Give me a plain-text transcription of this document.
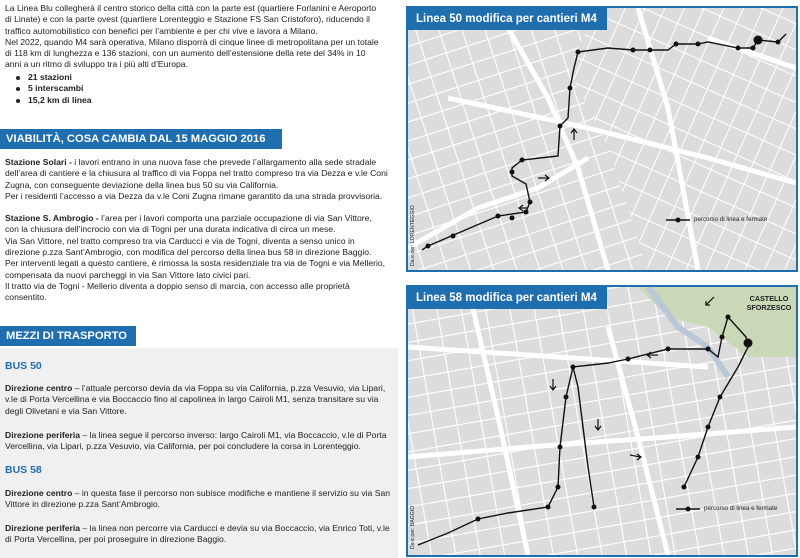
La Linea Blu collegherà il centro storico della città con la parte est (quartiere Forlanini e Aeroporto di Linate) e con la parte ovest (quartiere Lorenteggio e Stazione FS San Cristoforo), riducendo il traffico automobilistico con benefici per l’ambiente e per chi vive e lavora a Milano.

Nel 2022, quando M4 sarà operativa, Milano disporrà di cinque linee di metropolitana per un totale di 118 km di lunghezza e 136 stazioni, con un aumento dell’estensione della rete del 34% in 10 anni a un ritmo di sviluppo tra i più alti d’Europa.

21 stazioni
5 interscambi
15,2 km di linea
VIABILITÀ, COSA CAMBIA DAL 15 MAGGIO 2016

Stazione Solari - i lavori entrano in una nuova fase che prevede l’allargamento alla sede stradale dell’area di cantiere e la chiusura al traffico di via Foppa nel tratto compreso tra via Dezza e v.le Coni Zugna, con conseguente deviazione della linea bus 50 su via California.

Per i residenti l’accesso a via Dezza da v.le Coni Zugna rimane garantito da una strada provvisoria.

Stazione S. Ambrogio - l’area per i lavori comporta una parziale occupazione di via San Vittore, con la chiusura dell’incrocio con via di Togni per una durata indicativa di circa un mese.

Via San Vittore, nel tratto compreso tra via Carducci e via de Togni, diventa a senso unico in direzione p.zza Sant’Ambrogio, con modifica del percorso della linea bus 58 in direzione Baggio.

Per interventi legati a questo cantiere, è rimossa la sosta residenziale tra via de Togni e via Mellerio, compensata da nuovi parcheggi in via San Vittore lato civici pari.

Il tratto via de Togni - Mellerio diventa a doppio senso di marcia, con accesso alle proprietà consentito.

MEZZI DI TRASPORTO
BUS 50

Direzione centro – l’attuale percorso devia da via Foppa su via California, p.zza Vesuvio, via Lipari, v.le di Porta Vercellina e via Boccaccio fino al capolinea in largo Cairoli M1, senza transitare su via degli Olivetani e via San Vittore.

Direzione periferia – la linea segue il percorso inverso: largo Cairoli M1, via Boccaccio, v.le di Porta Vercellina, via Lipari, p.zza Vesuvio, via California, per poi concludere la corsa in Lorenteggio.

BUS 58

Direzione centro – in questa fase il percorso non subisce modifiche e mantiene il servizio su via San Vittore in direzione p.zza Sant’Ambrogio.

Direzione periferia – la linea non percorre via Carducci e devia su via Boccaccio, via Enrico Toti, v.le di Porta Vercellina, per poi proseguire in direzione Baggio.

Linea 50 modifica per cantieri M4
percorso di linea e fermate
Da e per: LORENTEGGIO
Linea 58 modifica per cantieri M4	CASTELLO SFORZESCO
percorso di linea e fermate
Da e per: BAGGIO
